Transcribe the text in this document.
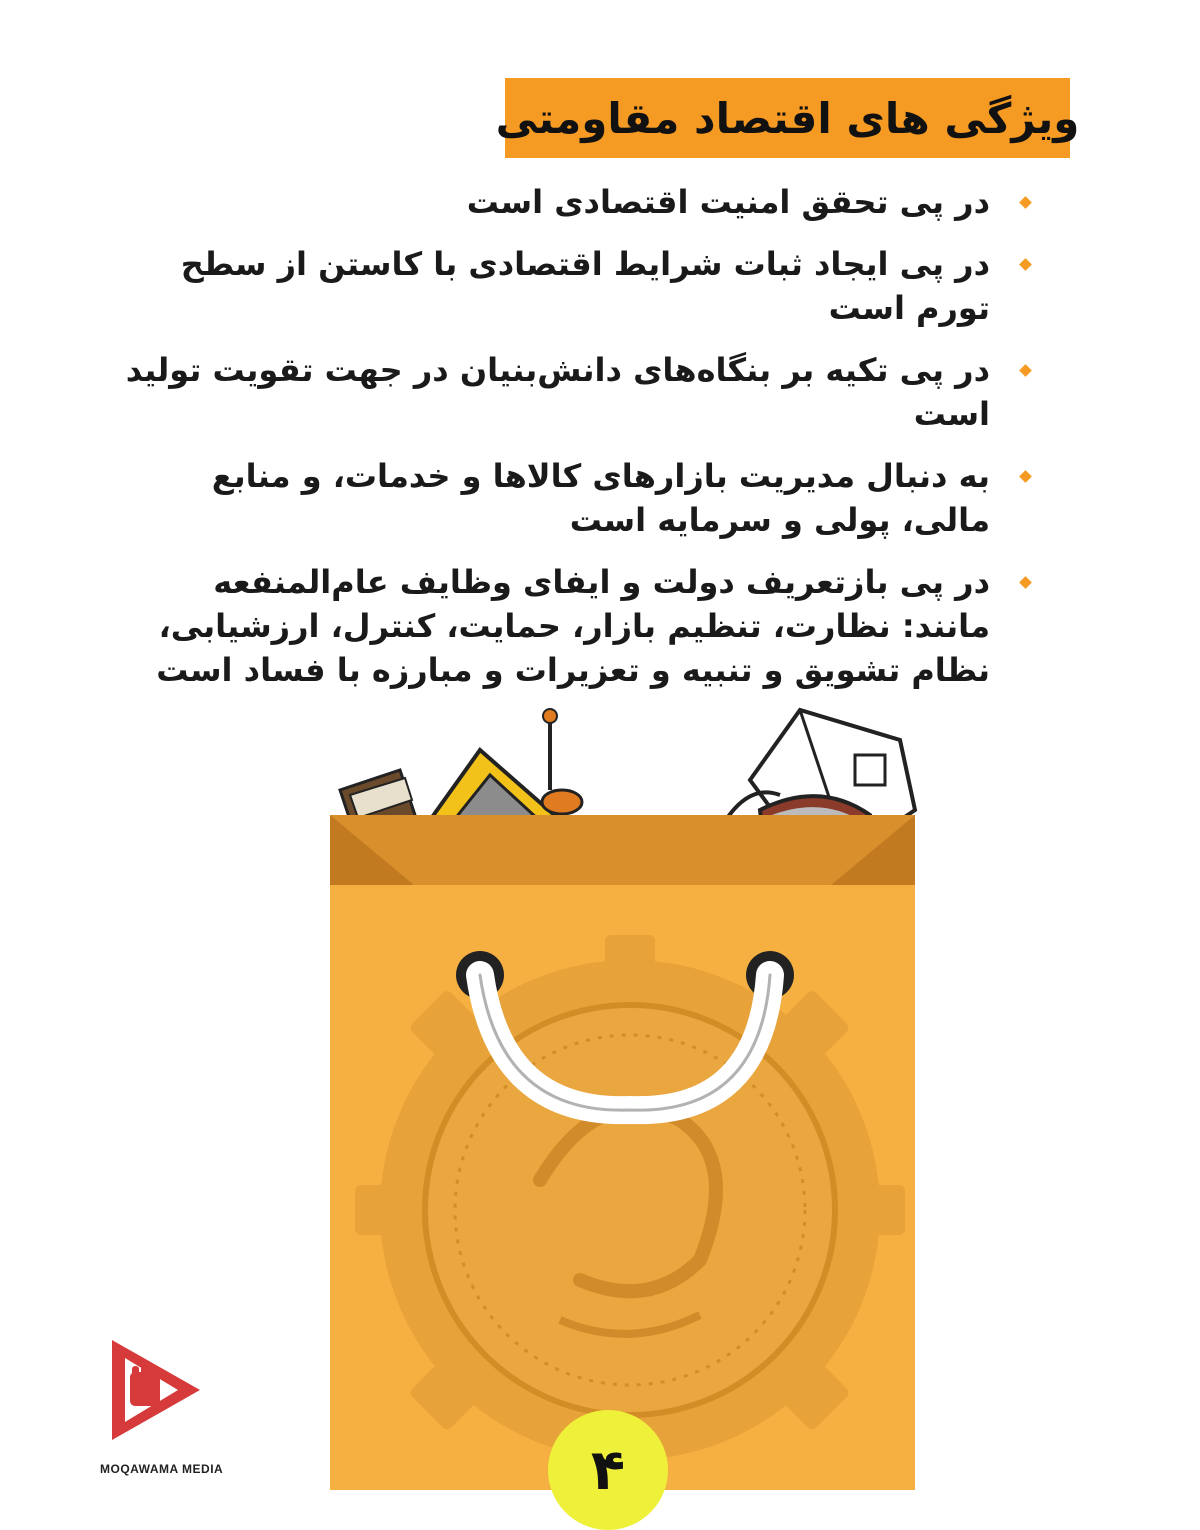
ویژگی های اقتصاد مقاومتی
در پی تحقق امنیت اقتصادی است
در پی ایجاد ثبات شرایط اقتصادی با کاستن از سطح تورم است
در پی تکیه بر بنگاه‌های دانش‌بنیان در جهت تقویت تولید است
به دنبال مدیریت بازارهای کالاها و خدمات، و منابع مالی، پولی و سرمایه است
در پی بازتعریف دولت و ایفای وظایف عام‌المنفعه مانند: نظارت، تنظیم بازار، حمایت، کنترل، ارزشیابی، نظام تشویق و تنبیه و تعزیرات و مبارزه با فساد است
۴
MOQAWAMA MEDIA
